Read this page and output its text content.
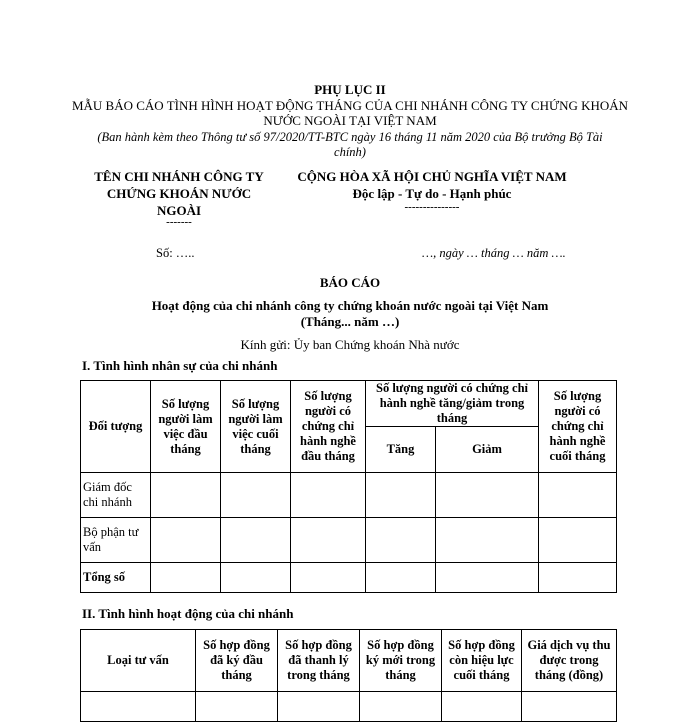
PHỤ LỤC II
MẪU BÁO CÁO TÌNH HÌNH HOẠT ĐỘNG THÁNG CỦA CHI NHÁNH CÔNG TY CHỨNG KHOÁN NƯỚC NGOÀI TẠI VIỆT NAM
(Ban hành kèm theo Thông tư số 97/2020/TT-BTC ngày 16 tháng 11 năm 2020 của Bộ trưởng Bộ Tài chính)
TÊN CHI NHÁNH CÔNG TY CHỨNG KHOÁN NƯỚC NGOÀI
-------
CỘNG HÒA XÃ HỘI CHỦ NGHĨA VIỆT NAM
Độc lập - Tự do - Hạnh phúc
---------------
Số: …..	…, ngày … tháng … năm ….
BÁO CÁO
Hoạt động của chi nhánh công ty chứng khoán nước ngoài tại Việt Nam
(Tháng... năm …)
Kính gửi: Ủy ban Chứng khoán Nhà nước
I. Tình hình nhân sự của chi nhánh
Đối tượng	Số lượng người làm việc đầu tháng	Số lượng người làm việc cuối tháng	Số lượng người có chứng chỉ hành nghề đầu tháng	Số lượng người có chứng chỉ hành nghề tăng/giảm trong tháng		Số lượng người có chứng chỉ hành nghề cuối tháng
				Tăng	Giảm	
Giám đốc chi nhánh						
Bộ phận tư vấn						
Tổng số						
II. Tình hình hoạt động của chi nhánh
Loại tư vấn	Số hợp đồng đã ký đầu tháng	Số hợp đồng đã thanh lý trong tháng	Số hợp đồng ký mới trong tháng	Số hợp đồng còn hiệu lực cuối tháng	Giá dịch vụ thu được trong tháng (đồng)
